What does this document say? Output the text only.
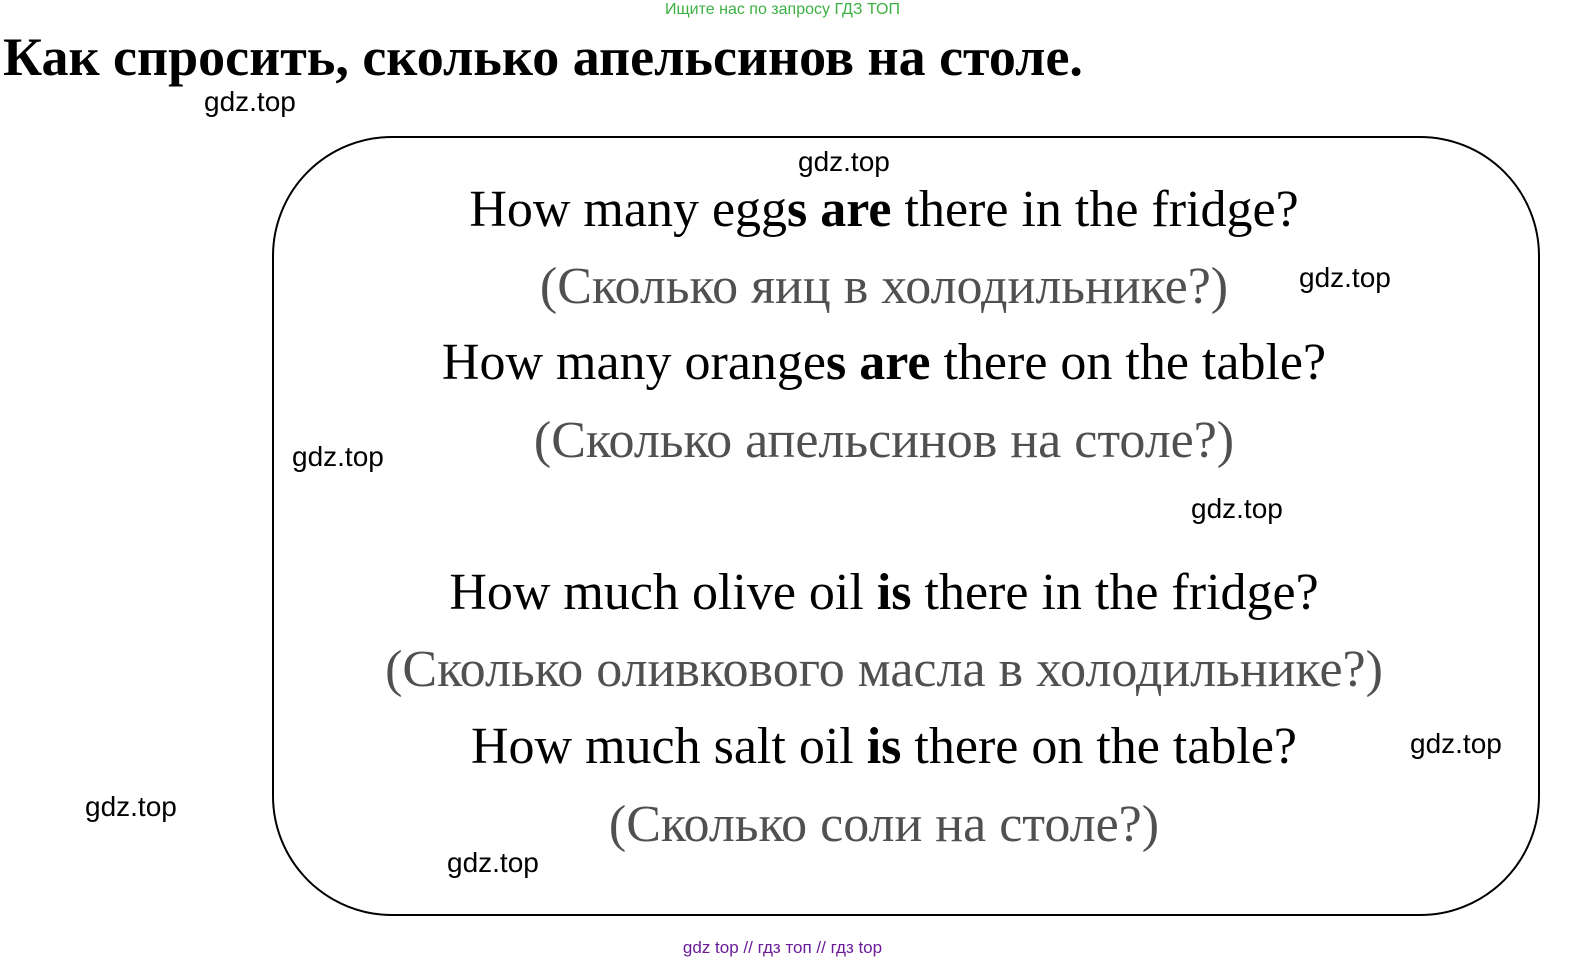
Ищите нас по запросу ГДЗ ТОП
Как спросить, сколько апельсинов на столе.
How many eggs are there in the fridge?
(Сколько яиц в холодильнике?)
How many oranges are there on the table?
(Сколько апельсинов на столе?)
How much olive oil is there in the fridge?
(Сколько оливкового масла в холодильнике?)
How much salt oil is there on the table?
(Сколько соли на столе?)
gdz.top
gdz.top
gdz.top
gdz.top
gdz.top
gdz.top
gdz.top
gdz.top
gdz top // гдз топ // гдз top
